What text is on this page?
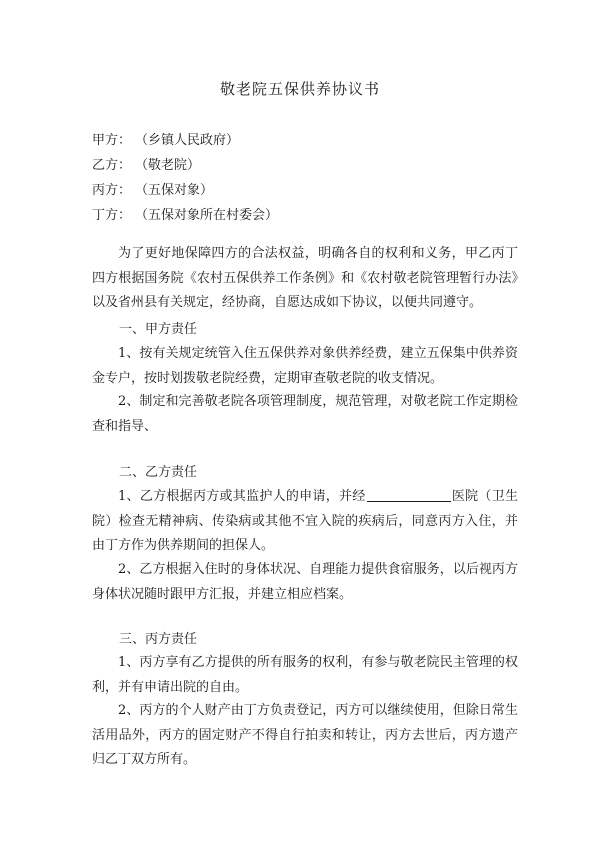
敬老院五保供养协议书
甲方： （乡镇人民政府）
乙方： （敬老院）
丙方： （五保对象）
丁方： （五保对象所在村委会）

为了更好地保障四方的合法权益，明确各自的权利和义务，甲乙丙丁四方根据国务院《农村五保供养工作条例》和《农村敬老院管理暂行办法》以及省州县有关规定，经协商，自愿达成如下协议，以便共同遵守。

一、甲方责任

1、按有关规定统管入住五保供养对象供养经费，建立五保集中供养资金专户，按时划拨敬老院经费，定期审查敬老院的收支情况。

2、制定和完善敬老院各项管理制度，规范管理，对敬老院工作定期检查和指导、

二、乙方责任

1、乙方根据丙方或其监护人的申请，并经	医院（卫生院）检查无精神病、传染病或其他不宜入院的疾病后，同意丙方入住，并由丁方作为供养期间的担保人。

2、乙方根据入住时的身体状况、自理能力提供食宿服务，以后视丙方身体状况随时跟甲方汇报，并建立相应档案。

三、丙方责任

1、丙方享有乙方提供的所有服务的权利，有参与敬老院民主管理的权利，并有申请出院的自由。

2、丙方的个人财产由丁方负责登记，丙方可以继续使用，但除日常生活用品外，丙方的固定财产不得自行拍卖和转让，丙方去世后，丙方遗产归乙丁双方所有。
